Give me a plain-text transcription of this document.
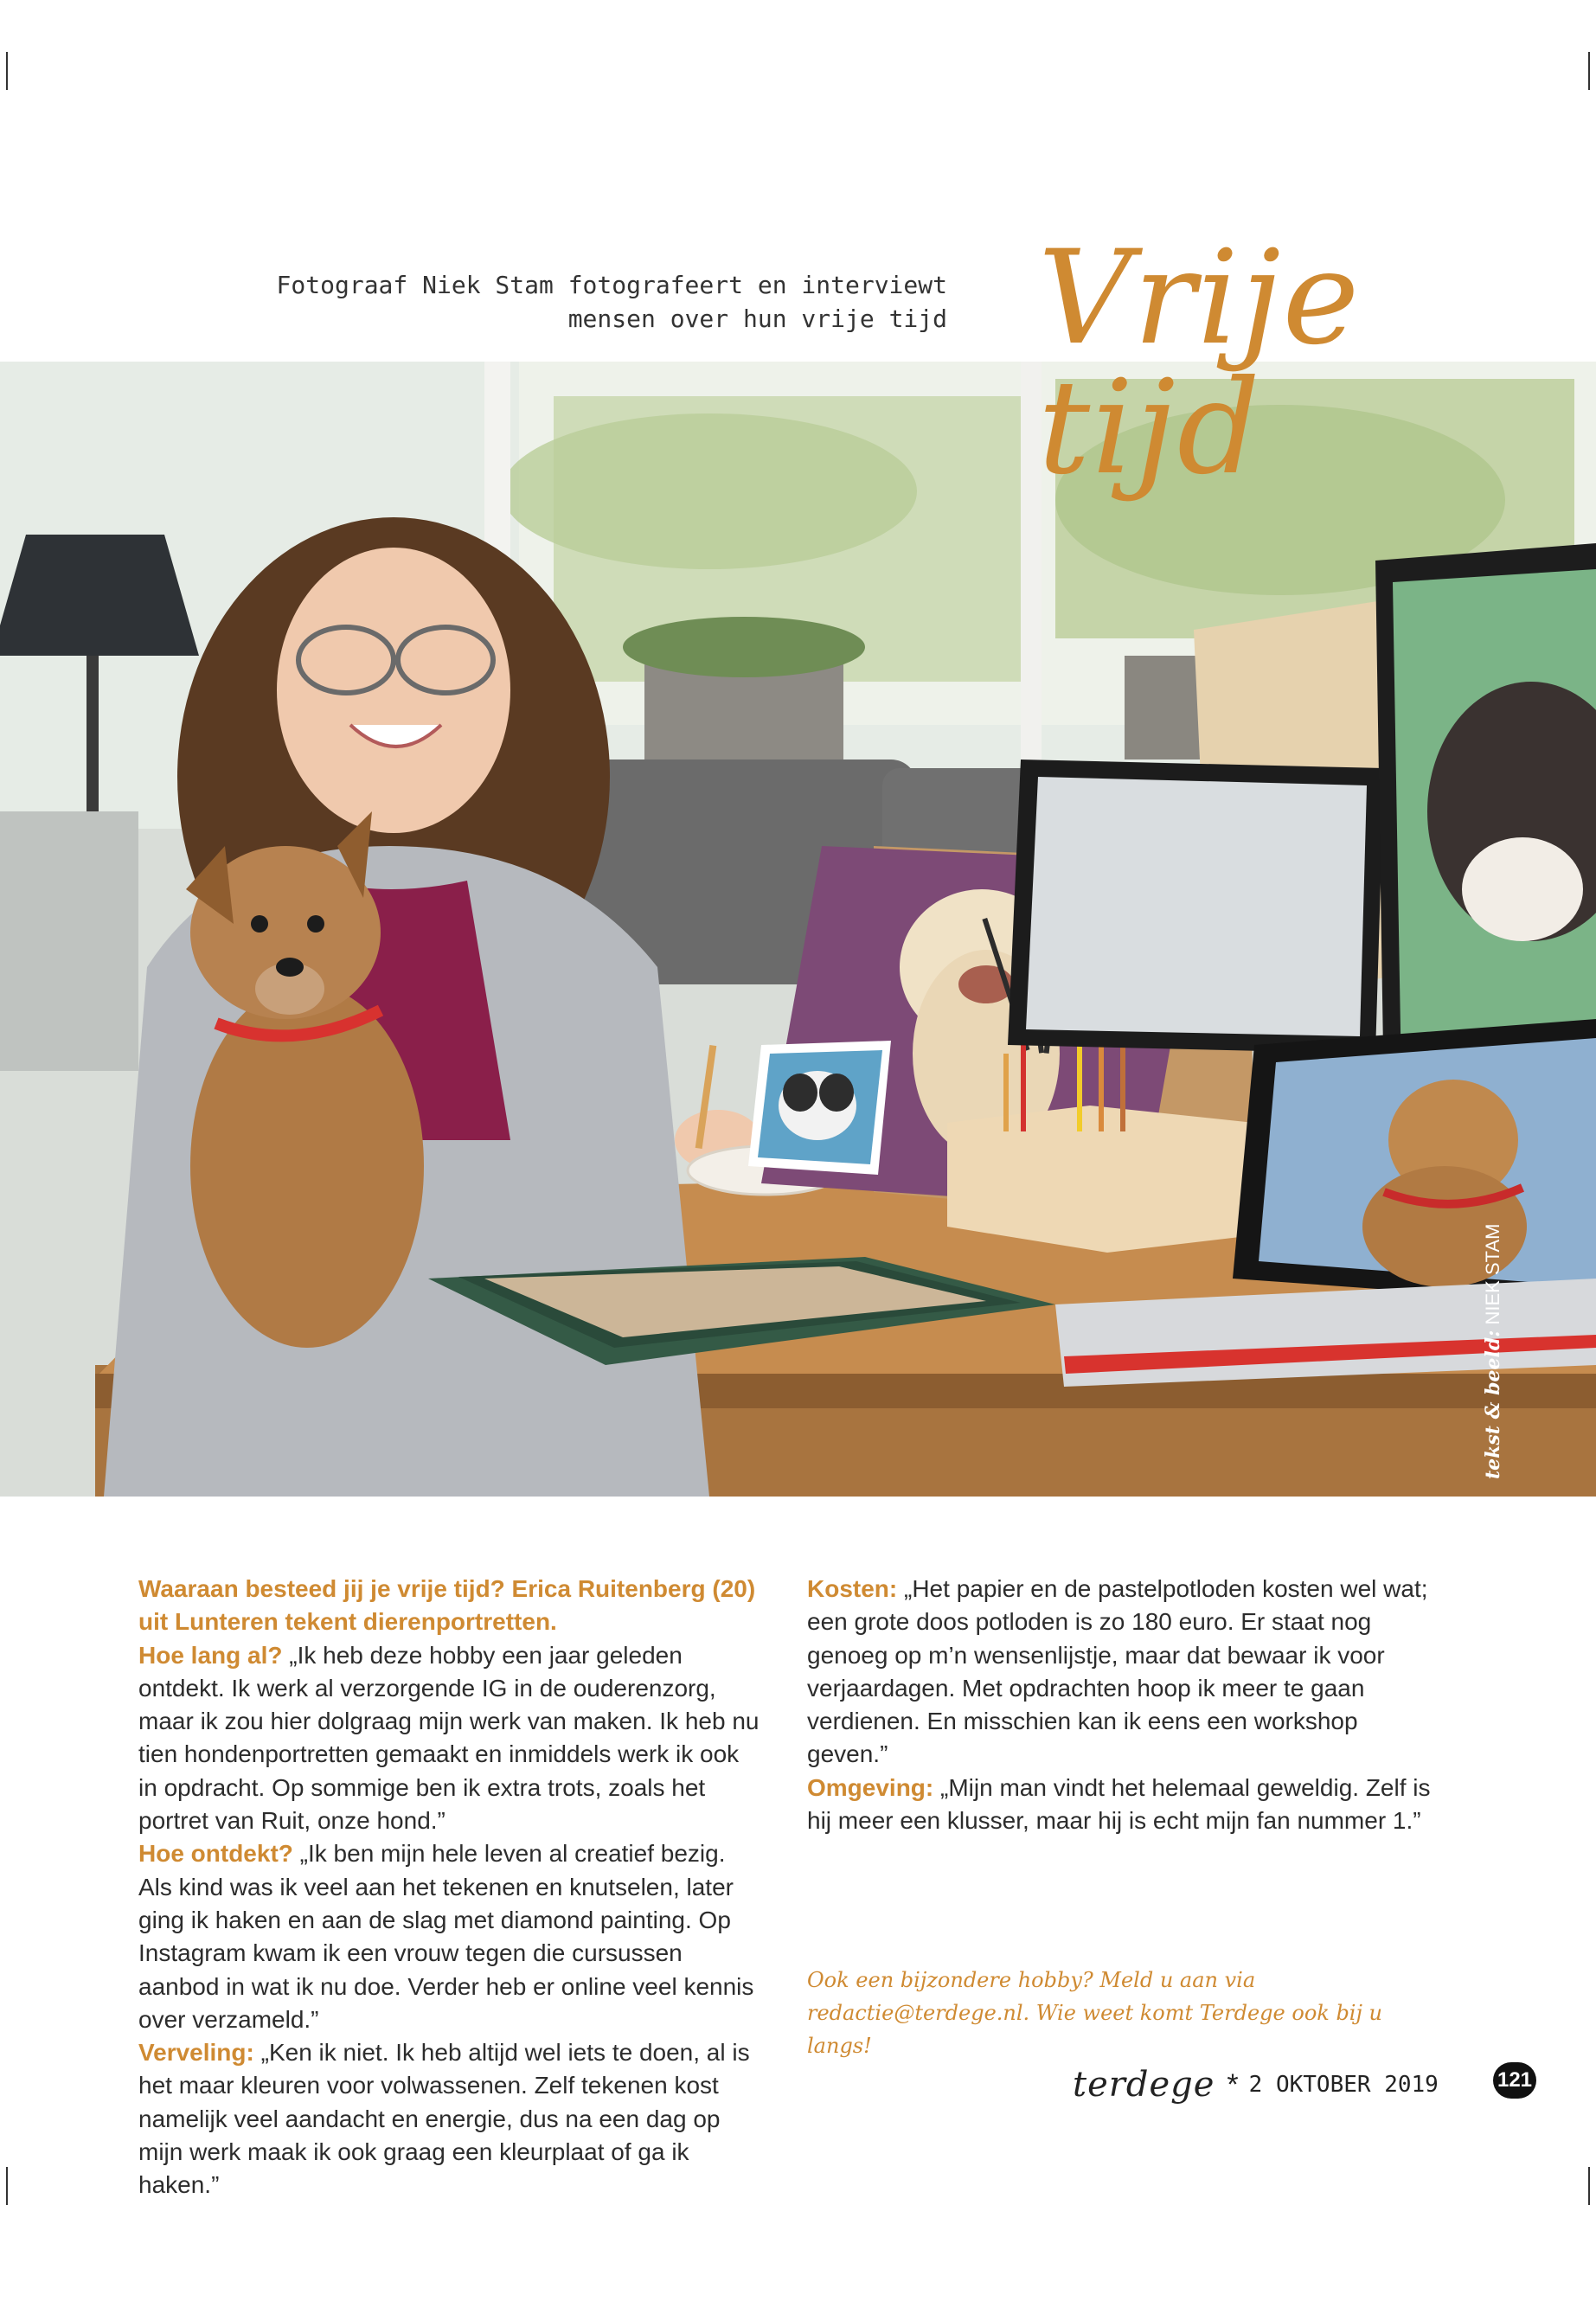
Fotograaf Niek Stam fotografeert en interviewt
mensen over hun vrije tijd Vrije tijd
tekst & beeld: NIEK STAM

Waaraan besteed jij je vrije tijd? Erica Ruitenberg (20) uit Lunteren tekent dierenportretten.

Hoe lang al? „Ik heb deze hobby een jaar geleden ontdekt. Ik werk al verzorgende IG in de ouderenzorg, maar ik zou hier dolgraag mijn werk van maken. Ik heb nu tien hondenportretten gemaakt en inmiddels werk ik ook in opdracht. Op sommige ben ik extra trots, zoals het portret van Ruit, onze hond.”

Hoe ontdekt? „Ik ben mijn hele leven al creatief bezig. Als kind was ik veel aan het tekenen en knutselen, later ging ik haken en aan de slag met diamond painting. Op Instagram kwam ik een vrouw tegen die cursussen aanbod in wat ik nu doe. Verder heb er online veel kennis over verzameld.”

Verveling: „Ken ik niet. Ik heb altijd wel iets te doen, al is het maar kleuren voor volwassenen. Zelf tekenen kost namelijk veel aandacht en energie, dus na een dag op mijn werk maak ik ook graag een kleurplaat of ga ik haken.”

Kosten: „Het papier en de pastelpotloden kosten wel wat; een grote doos potloden is zo 180 euro. Er staat nog genoeg op m’n wensenlijstje, maar dat bewaar ik voor verjaardagen. Met opdrachten hoop ik meer te gaan verdienen. En misschien kan ik eens een workshop geven.”

Omgeving: „Mijn man vindt het helemaal geweldig. Zelf is hij meer een klusser, maar hij is echt mijn fan nummer 1.”

Ook een bijzondere hobby? Meld u aan via redactie@terdege.nl. Wie weet komt Terdege ook bij u langs!
terdege * 2 OKTOBER 2019	121
